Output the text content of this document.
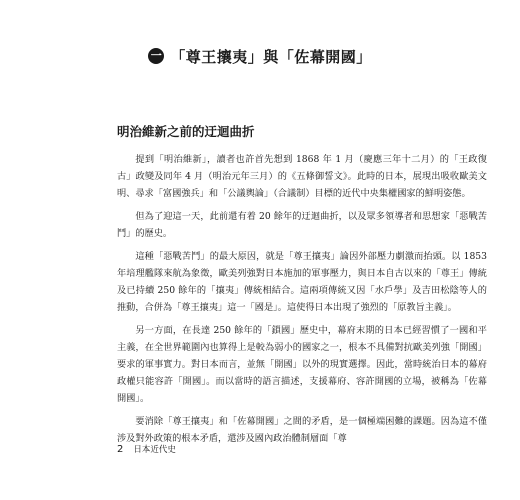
一 「尊王攘夷」與「佐幕開國」
明治維新之前的迂迴曲折

提到「明治維新」，讀者也許首先想到 1868 年 1 月（慶應三年十二月）的「王政復古」政變及同年 4 月（明治元年三月）的《五條御誓文》。此時的日本，展現出吸收歐美文明、尋求「富國強兵」和「公議輿論」（合議制）目標的近代中央集權國家的鮮明姿態。

但為了迎這一天，此前還有着 20 餘年的迂迴曲折，以及眾多領導者和思想家「惡戰苦鬥」的歷史。

這種「惡戰苦鬥」的最大原因，就是「尊王攘夷」論因外部壓力劇激而抬頭。以 1853 年培理艦隊來航為象徵，歐美列強對日本施加的軍事壓力，與日本自古以來的「尊王」傳統及已持續 250 餘年的「攘夷」傳統相結合。這兩項傳統又因「水戶學」及吉田松陰等人的推動，合併為「尊王攘夷」這一「國是」。這使得日本出現了強烈的「原教旨主義」。

另一方面，在長達 250 餘年的「鎖國」歷史中，幕府末期的日本已經習慣了一國和平主義，在全世界範圍內也算得上是較為弱小的國家之一，根本不具備對抗歐美列強「開國」要求的軍事實力。對日本而言，並無「開國」以外的現實選擇。因此，當時統治日本的幕府政權只能容許「開國」。而以當時的語言描述，支援幕府、容許開國的立場，被稱為「佐幕開國」。

要消除「尊王攘夷」和「佐幕開國」之間的矛盾，是一個極端困難的課題。因為這不僅涉及對外政策的根本矛盾，還涉及國內政治體制層面「尊

2 日本近代史
